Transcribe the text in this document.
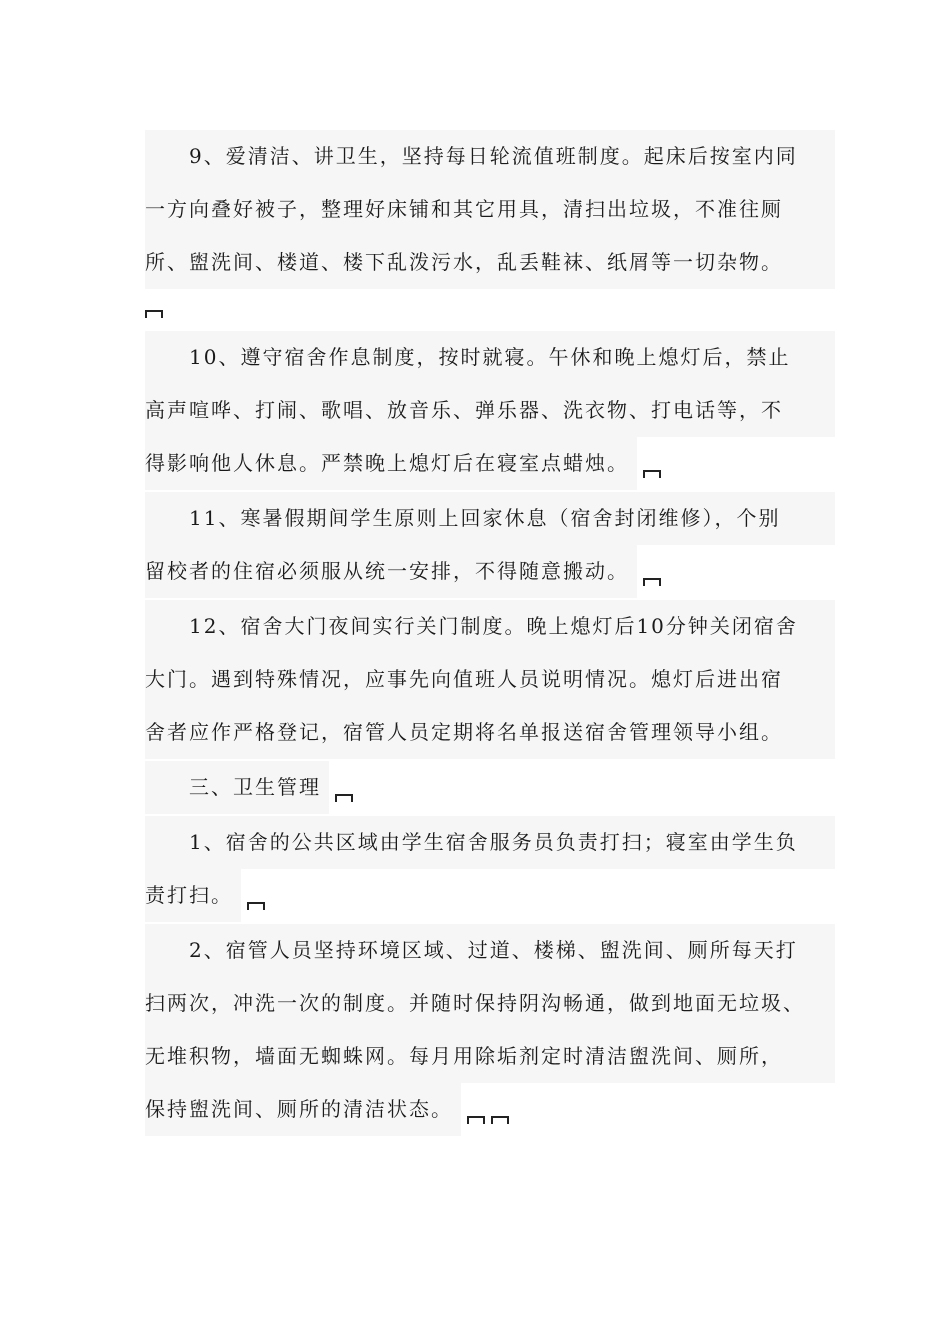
9、爱清洁、讲卫生，坚持每日轮流值班制度。起床后按室内同
一方向叠好被子，整理好床铺和其它用具，清扫出垃圾，不准往厕
所、盥洗间、楼道、楼下乱泼污水，乱丢鞋袜、纸屑等一切杂物。
10、遵守宿舍作息制度，按时就寝。午休和晚上熄灯后，禁止
高声喧哗、打闹、歌唱、放音乐、弹乐器、洗衣物、打电话等，不
得影响他人休息。严禁晚上熄灯后在寝室点蜡烛。
11、寒暑假期间学生原则上回家休息（宿舍封闭维修），个别
留校者的住宿必须服从统一安排，不得随意搬动。
12、宿舍大门夜间实行关门制度。晚上熄灯后10分钟关闭宿舍
大门。遇到特殊情况，应事先向值班人员说明情况。熄灯后进出宿
舍者应作严格登记，宿管人员定期将名单报送宿舍管理领导小组。
三、卫生管理
1、宿舍的公共区域由学生宿舍服务员负责打扫；寝室由学生负
责打扫。
2、宿管人员坚持环境区域、过道、楼梯、盥洗间、厕所每天打
扫两次，冲洗一次的制度。并随时保持阴沟畅通，做到地面无垃圾、
无堆积物，墙面无蜘蛛网。每月用除垢剂定时清洁盥洗间、厕所，
保持盥洗间、厕所的清洁状态。
